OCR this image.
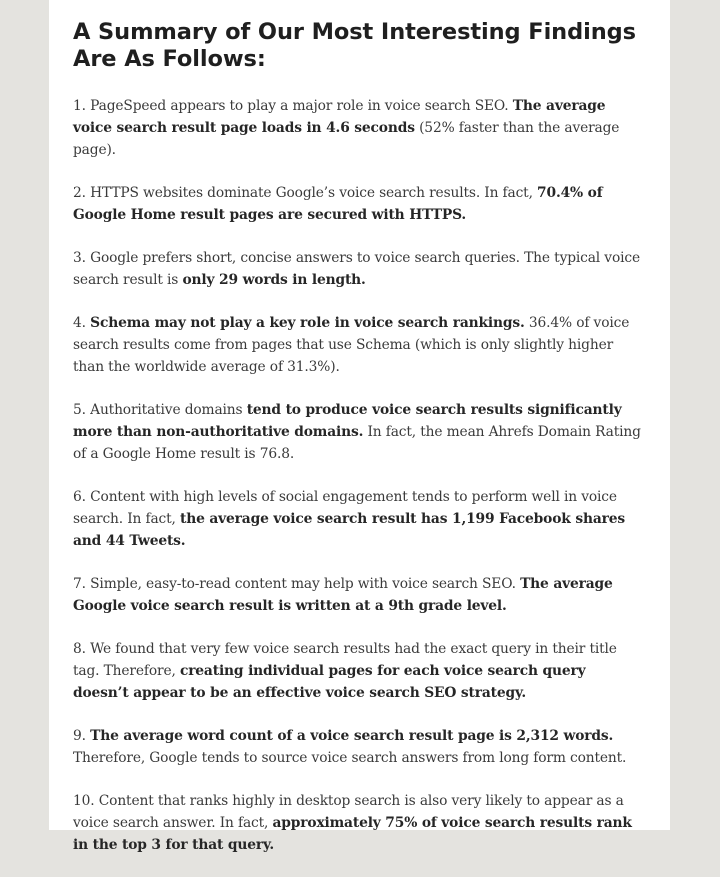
A Summary of Our Most Interesting Findings Are As Follows:
1. PageSpeed appears to play a major role in voice search SEO. The average voice search result page loads in 4.6 seconds (52% faster than the average page).
2. HTTPS websites dominate Google’s voice search results. In fact, 70.4% of Google Home result pages are secured with HTTPS.
3. Google prefers short, concise answers to voice search queries. The typical voice search result is only 29 words in length.
4. Schema may not play a key role in voice search rankings. 36.4% of voice search results come from pages that use Schema (which is only slightly higher than the worldwide average of 31.3%).
5. Authoritative domains tend to produce voice search results significantly more than non-authoritative domains. In fact, the mean Ahrefs Domain Rating of a Google Home result is 76.8.
6. Content with high levels of social engagement tends to perform well in voice search. In fact, the average voice search result has 1,199 Facebook shares and 44 Tweets.
7. Simple, easy-to-read content may help with voice search SEO. The average Google voice search result is written at a 9th grade level.
8. We found that very few voice search results had the exact query in their title tag. Therefore, creating individual pages for each voice search query doesn’t appear to be an effective voice search SEO strategy.
9. The average word count of a voice search result page is 2,312 words. Therefore, Google tends to source voice search answers from long form content.
10. Content that ranks highly in desktop search is also very likely to appear as a voice search answer. In fact, approximately 75% of voice search results rank in the top 3 for that query.
